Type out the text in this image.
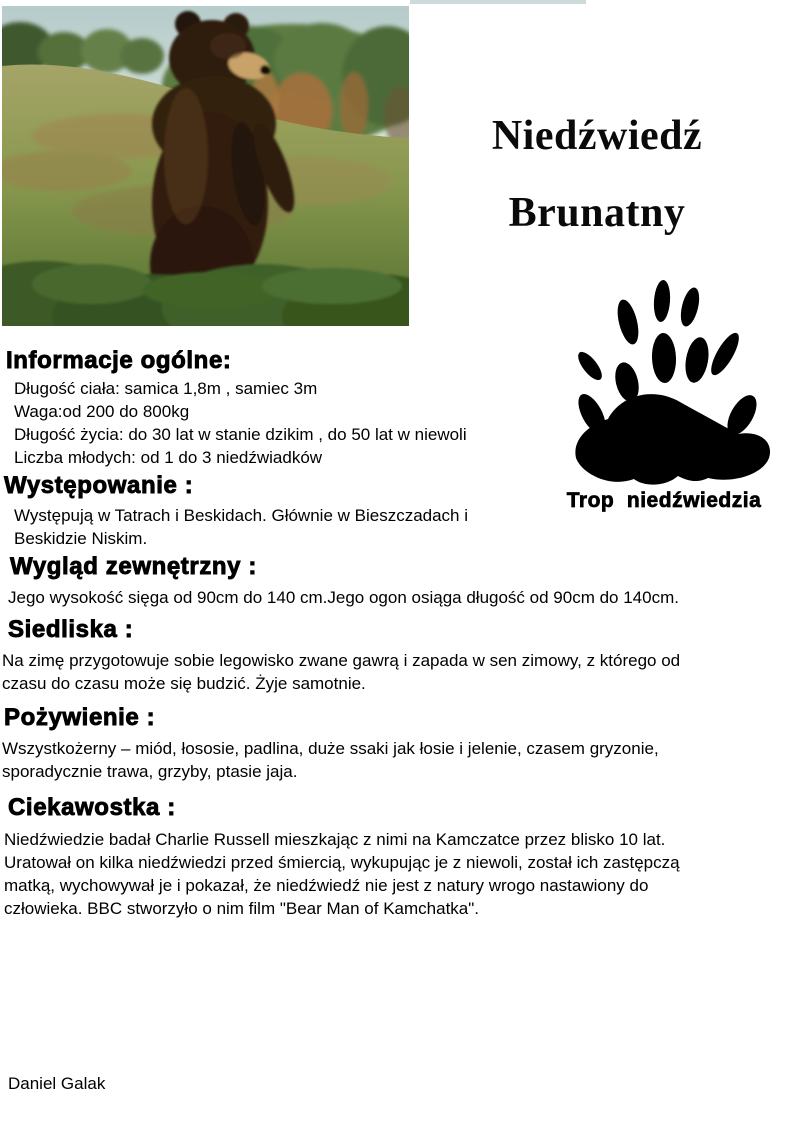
Niedźwiedź
Brunatny
Trop  niedźwiedzia
Informacje ogólne:
Długość ciała: samica 1,8m , samiec 3m
Waga:od 200 do 800kg
Długość życia: do 30 lat w stanie dzikim , do 50 lat w niewoli
Liczba młodych: od 1 do 3 niedźwiadków
Występowanie :
Występują w Tatrach i Beskidach. Głównie w Bieszczadach i
Beskidzie Niskim.
Wygląd zewnętrzny :
Jego wysokość sięga od 90cm do 140 cm.Jego ogon osiąga długość od 90cm do 140cm.
Siedliska :
Na zimę przygotowuje sobie legowisko zwane gawrą i zapada w sen zimowy, z którego od
czasu do czasu może się budzić. Żyje samotnie.
Pożywienie :
Wszystkożerny – miód, łososie, padlina, duże ssaki jak łosie i jelenie, czasem gryzonie,
sporadycznie trawa, grzyby, ptasie jaja.
Ciekawostka :
Niedźwiedzie badał Charlie Russell mieszkając z nimi na Kamczatce przez blisko 10 lat.
Uratował on kilka niedźwiedzi przed śmiercią, wykupując je z niewoli, został ich zastępczą
matką, wychowywał je i pokazał, że niedźwiedź nie jest z natury wrogo nastawiony do
człowieka. BBC stworzyło o nim film "Bear Man of Kamchatka".
Daniel Galak
